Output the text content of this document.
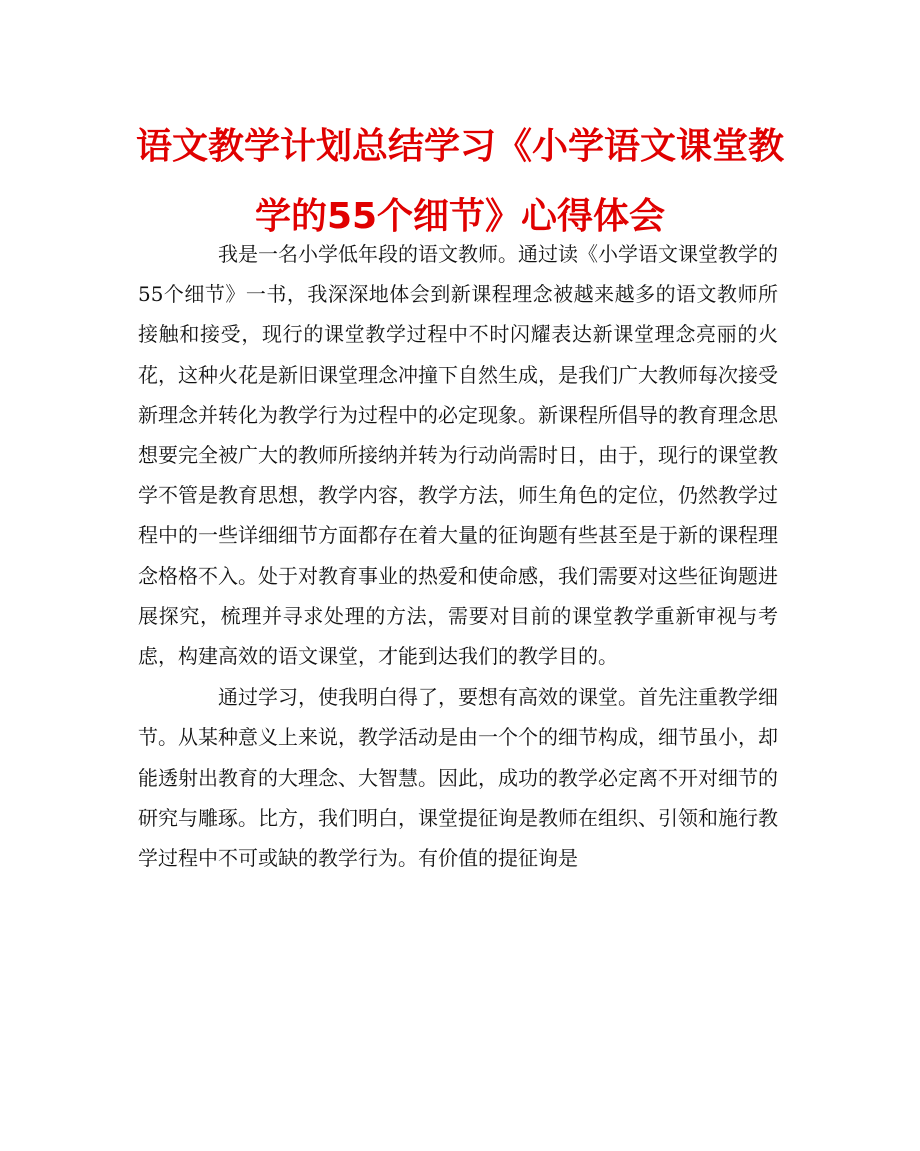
语文教学计划总结学习《小学语文课堂教学的55个细节》心得体会

我是一名小学低年段的语文教师。通过读《小学语文课堂教学的55个细节》一书，我深深地体会到新课程理念被越来越多的语文教师所接触和接受，现行的课堂教学过程中不时闪耀表达新课堂理念亮丽的火花，这种火花是新旧课堂理念冲撞下自然生成，是我们广大教师每次接受新理念并转化为教学行为过程中的必定现象。新课程所倡导的教育理念思想要完全被广大的教师所接纳并转为行动尚需时日，由于，现行的课堂教学不管是教育思想，教学内容，教学方法，师生角色的定位，仍然教学过程中的一些详细细节方面都存在着大量的征询题有些甚至是于新的课程理念格格不入。处于对教育事业的热爱和使命感，我们需要对这些征询题进展探究，梳理并寻求处理的方法，需要对目前的课堂教学重新审视与考虑，构建高效的语文课堂，才能到达我们的教学目的。

通过学习，使我明白得了，要想有高效的课堂。首先注重教学细节。从某种意义上来说，教学活动是由一个个的细节构成，细节虽小，却能透射出教育的大理念、大智慧。因此，成功的教学必定离不开对细节的研究与雕琢。比方，我们明白，课堂提征询是教师在组织、引领和施行教学过程中不可或缺的教学行为。有价值的提征询是
